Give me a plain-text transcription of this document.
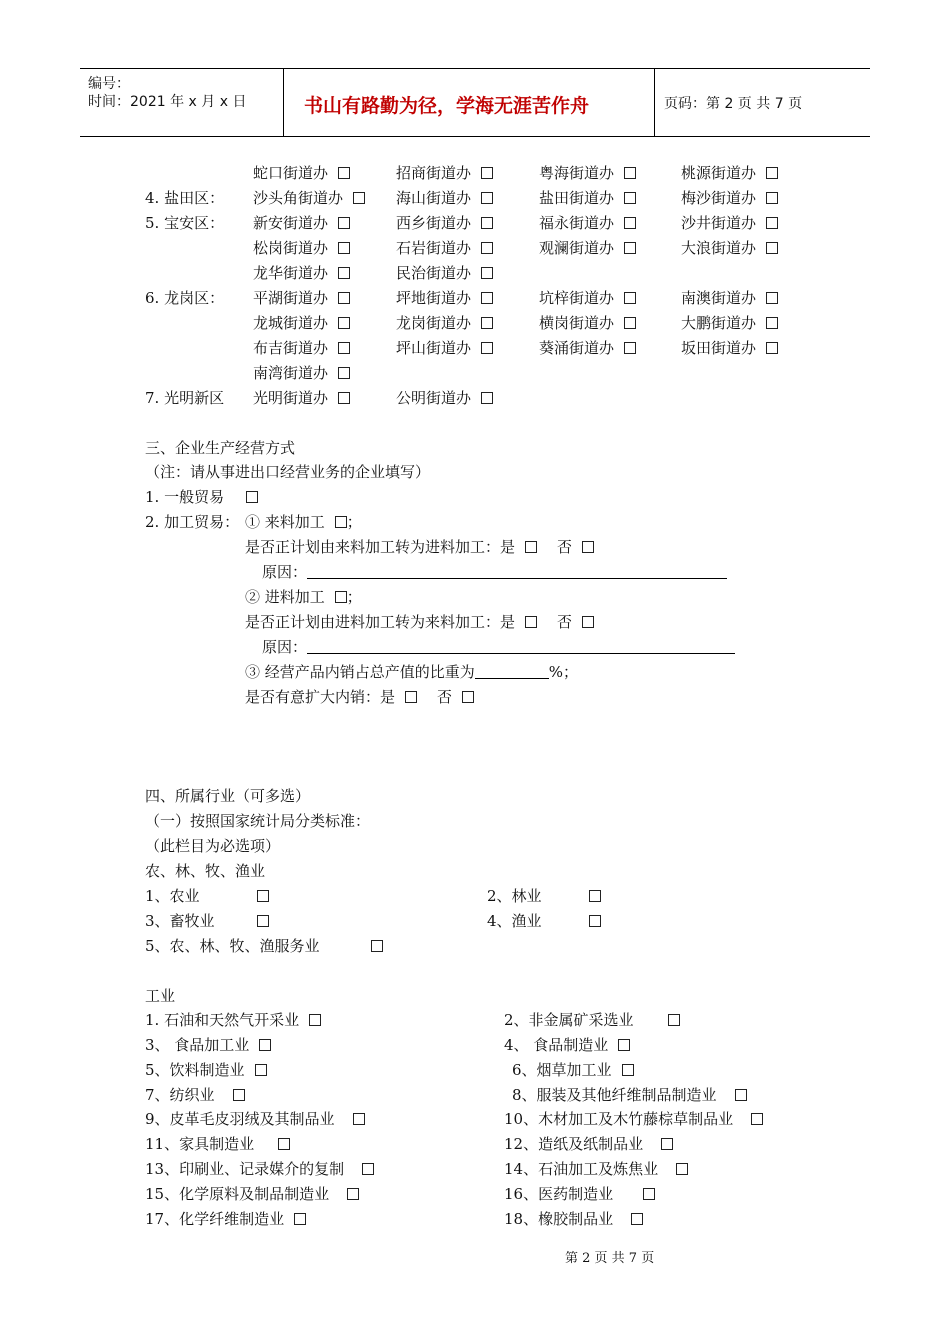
编号：
时间：2021 年 x 月 x 日	书山有路勤为径，学海无涯苦作舟	页码：第 2 页 共 7 页
蛇口街道办	招商街道办	粤海街道办	桃源街道办
4. 盐田区： 沙头角街道办	海山街道办	盐田街道办	梅沙街道办
5. 宝安区： 新安街道办	西乡街道办	福永街道办	沙井街道办
松岗街道办	石岩街道办	观澜街道办	大浪街道办
龙华街道办	民治街道办
6. 龙岗区： 平湖街道办	坪地街道办	坑梓街道办	南澳街道办
龙城街道办	龙岗街道办	横岗街道办	大鹏街道办
布吉街道办	坪山街道办	葵涌街道办	坂田街道办
南湾街道办
7. 光明新区 光明街道办	公明街道办
三、企业生产经营方式
（注：请从事进出口经营业务的企业填写）
1. 一般贸易
2. 加工贸易： ① 来料加工 ；
是否正计划由来料加工转为进料加工：是	否
原因：
② 进料加工 ；
是否正计划由进料加工转为来料加工：是	否
原因：
③ 经营产品内销占总产值的比重为	%；
是否有意扩大内销：是	否
四、所属行业（可多选）
（一）按照国家统计局分类标准：
（此栏目为必选项）
农、林、牧、渔业
1、农业	2、林业
3、畜牧业	4、渔业
5、农、林、牧、渔服务业
工业
1. 石油和天然气开采业	2、非金属矿采选业
3、 食品加工业	4、 食品制造业
5、饮料制造业	6、烟草加工业
7、纺织业	8、服装及其他纤维制品制造业
9、皮革毛皮羽绒及其制品业	10、木材加工及木竹藤棕草制品业
11、家具制造业	12、造纸及纸制品业
13、印刷业、记录媒介的复制	14、石油加工及炼焦业
15、化学原料及制品制造业	16、医药制造业
17、化学纤维制造业	18、橡胶制品业
第 2 页 共 7 页
